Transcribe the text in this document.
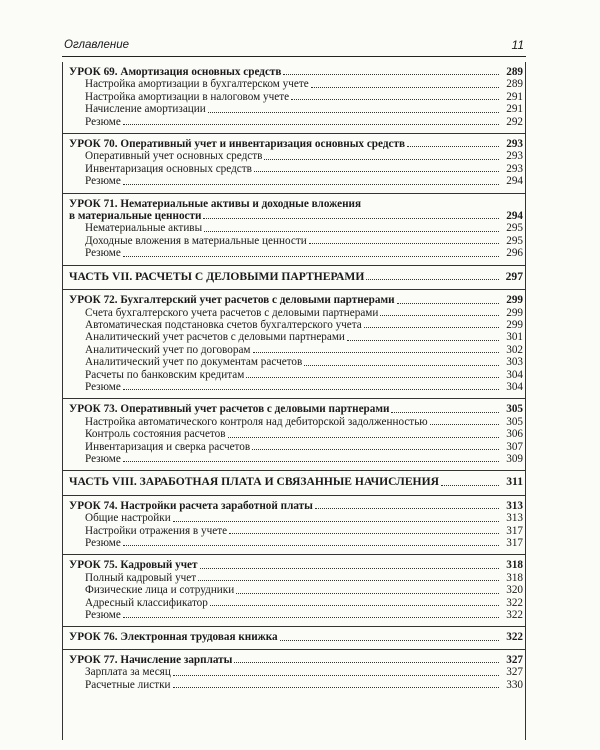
Оглавление	11
УРОК 69. Амортизация основных средств	289
Настройка амортизации в бухгалтерском учете	289
Настройка амортизации в налоговом учете	291
Начисление амортизации	291
Резюме	292
УРОК 70. Оперативный учет и инвентаризация основных средств	293
Оперативный учет основных средств	293
Инвентаризация основных средств	293
Резюме	294
УРОК 71. Нематериальные активы и доходные вложения
в материальные ценности	294
Нематериальные активы	295
Доходные вложения в материальные ценности	295
Резюме	296
ЧАСТЬ VII. РАСЧЕТЫ С ДЕЛОВЫМИ ПАРТНЕРАМИ	297
УРОК 72. Бухгалтерский учет расчетов с деловыми партнерами	299
Счета бухгалтерского учета расчетов с деловыми партнерами	299
Автоматическая подстановка счетов бухгалтерского учета	299
Аналитический учет расчетов с деловыми партнерами	301
Аналитический учет по договорам	302
Аналитический учет по документам расчетов	303
Расчеты по банковским кредитам	304
Резюме	304
УРОК 73. Оперативный учет расчетов с деловыми партнерами	305
Настройка автоматического контроля над дебиторской задолженностью	305
Контроль состояния расчетов	306
Инвентаризация и сверка расчетов	307
Резюме	309
ЧАСТЬ VIII. ЗАРАБОТНАЯ ПЛАТА И СВЯЗАННЫЕ НАЧИСЛЕНИЯ	311
УРОК 74. Настройки расчета заработной платы	313
Общие настройки	313
Настройки отражения в учете	317
Резюме	317
УРОК 75. Кадровый учет	318
Полный кадровый учет	318
Физические лица и сотрудники	320
Адресный классификатор	322
Резюме	322
УРОК 76. Электронная трудовая книжка	322
УРОК 77. Начисление зарплаты	327
Зарплата за месяц	327
Расчетные листки	330
